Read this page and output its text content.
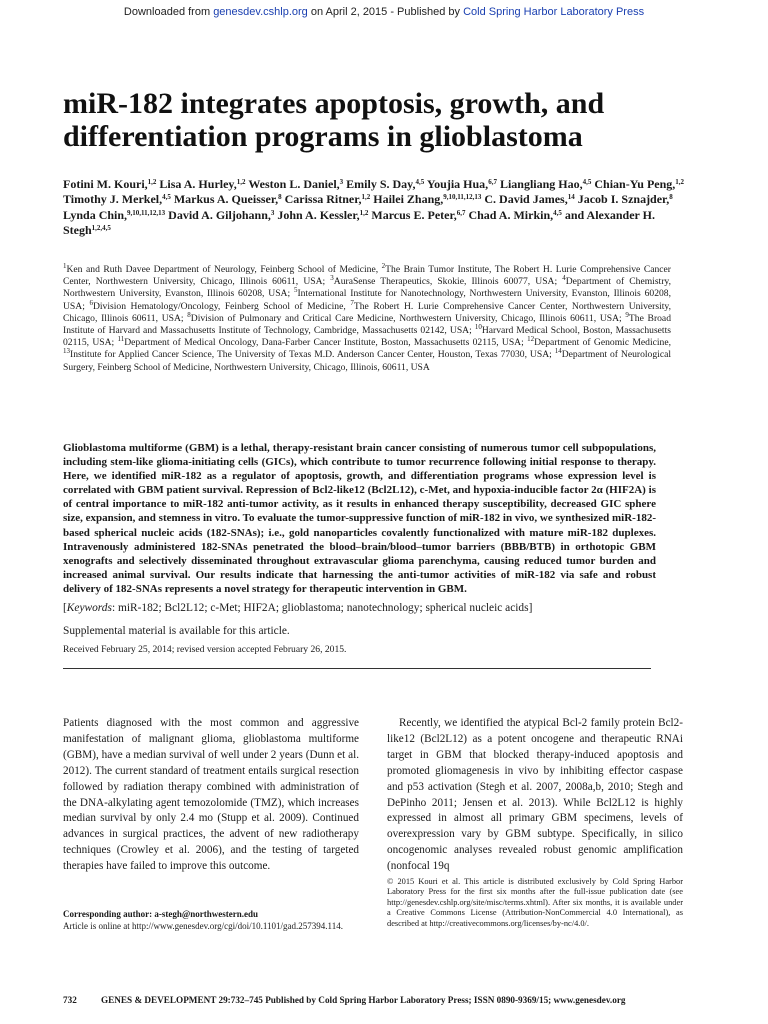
Downloaded from genesdev.cshlp.org on April 2, 2015 - Published by Cold Spring Harbor Laboratory Press
miR-182 integrates apoptosis, growth, and differentiation programs in glioblastoma

Fotini M. Kouri,$^{1,2}$ Lisa A. Hurley,$^{1,2}$ Weston L. Daniel,$^3$ Emily S. Day,$^{4,5}$ Youjia Hua,$^{6,7}$ Liangliang Hao,$^{4,5}$ Chian-Yu Peng,$^{1,2}$ Timothy J. Merkel,$^{4,5}$ Markus A. Queisser,$^8$ Carissa Ritner,$^{1,2}$ Hailei Zhang,$^{9,10,11,12,13}$ C. David James,$^{14}$ Jacob I. Sznajder,$^8$ Lynda Chin,$^{9,10,11,12,13}$ David A. Giljohann,$^3$ John A. Kessler,$^{1,2}$ Marcus E. Peter,$^{6,7}$ Chad A. Mirkin,$^{4,5}$ and Alexander H. Stegh$^{1,2,4,5}$

$^1$Ken and Ruth Davee Department of Neurology, Feinberg School of Medicine, $^2$The Brain Tumor Institute, The Robert H. Lurie Comprehensive Cancer Center, Northwestern University, Chicago, Illinois 60611, USA; $^3$AuraSense Therapeutics, Skokie, Illinois 60077, USA; $^4$Department of Chemistry, Northwestern University, Evanston, Illinois 60208, USA; $^5$International Institute for Nanotechnology, Northwestern University, Evanston, Illinois 60208, USA; $^6$Division Hematology/Oncology, Feinberg School of Medicine, $^7$The Robert H. Lurie Comprehensive Cancer Center, Northwestern University, Chicago, Illinois 60611, USA; $^8$Division of Pulmonary and Critical Care Medicine, Northwestern University, Chicago, Illinois 60611, USA; $^9$The Broad Institute of Harvard and Massachusetts Institute of Technology, Cambridge, Massachusetts 02142, USA; $^{10}$Harvard Medical School, Boston, Massachusetts 02115, USA; $^{11}$Department of Medical Oncology, Dana-Farber Cancer Institute, Boston, Massachusetts 02115, USA; $^{12}$Department of Genomic Medicine, $^{13}$Institute for Applied Cancer Science, The University of Texas M.D. Anderson Cancer Center, Houston, Texas 77030, USA; $^{14}$Department of Neurological Surgery, Feinberg School of Medicine, Northwestern University, Chicago, Illinois, 60611, USA

Glioblastoma multiforme (GBM) is a lethal, therapy-resistant brain cancer consisting of numerous tumor cell subpopulations, including stem-like glioma-initiating cells (GICs), which contribute to tumor recurrence following initial response to therapy. Here, we identified miR-182 as a regulator of apoptosis, growth, and differentiation programs whose expression level is correlated with GBM patient survival. Repression of Bcl2-like12 (Bcl2L12), c-Met, and hypoxia-inducible factor 2α (HIF2A) is of central importance to miR-182 anti-tumor activity, as it results in enhanced therapy susceptibility, decreased GIC sphere size, expansion, and stemness in vitro. To evaluate the tumor-suppressive function of miR-182 in vivo, we synthesized miR-182-based spherical nucleic acids (182-SNAs); i.e., gold nanoparticles covalently functionalized with mature miR-182 duplexes. Intravenously administered 182-SNAs penetrated the blood–brain/blood–tumor barriers (BBB/BTB) in orthotopic GBM xenografts and selectively disseminated throughout extravascular glioma parenchyma, causing reduced tumor burden and increased animal survival. Our results indicate that harnessing the anti-tumor activities of miR-182 via safe and robust delivery of 182-SNAs represents a novel strategy for therapeutic intervention in GBM.

[Keywords: miR-182; Bcl2L12; c-Met; HIF2A; glioblastoma; nanotechnology; spherical nucleic acids]

Supplemental material is available for this article.

Received February 25, 2014; revised version accepted February 26, 2015.

Patients diagnosed with the most common and aggressive manifestation of malignant glioma, glioblastoma multiforme (GBM), have a median survival of well under 2 years (Dunn et al. 2012). The current standard of treatment entails surgical resection followed by radiation therapy combined with administration of the DNA-alkylating agent temozolomide (TMZ), which increases median survival by only 2.4 mo (Stupp et al. 2009). Continued advances in surgical practices, the advent of new radiotherapy techniques (Crowley et al. 2006), and the testing of targeted therapies have failed to improve this outcome.

Recently, we identified the atypical Bcl-2 family protein Bcl2-like12 (Bcl2L12) as a potent oncogene and therapeutic RNAi target in GBM that blocked therapy-induced apoptosis and promoted gliomagenesis in vivo by inhibiting effector caspase and p53 activation (Stegh et al. 2007, 2008a,b, 2010; Stegh and DePinho 2011; Jensen et al. 2013). While Bcl2L12 is highly expressed in almost all primary GBM specimens, levels of overexpression vary by GBM subtype. Specifically, in silico oncogenomic analyses revealed robust genomic amplification (nonfocal 19q

Corresponding author: a-stegh@northwestern.edu
Article is online at http://www.genesdev.org/cgi/doi/10.1101/gad.257394.114.

© 2015 Kouri et al. This article is distributed exclusively by Cold Spring Harbor Laboratory Press for the first six months after the full-issue publication date (see http://genesdev.cshlp.org/site/misc/terms.xhtml). After six months, it is available under a Creative Commons License (Attribution-NonCommercial 4.0 International), as described at http://creativecommons.org/licenses/by-nc/4.0/.

732	GENES & DEVELOPMENT 29:732–745 Published by Cold Spring Harbor Laboratory Press; ISSN 0890-9369/15; www.genesdev.org
